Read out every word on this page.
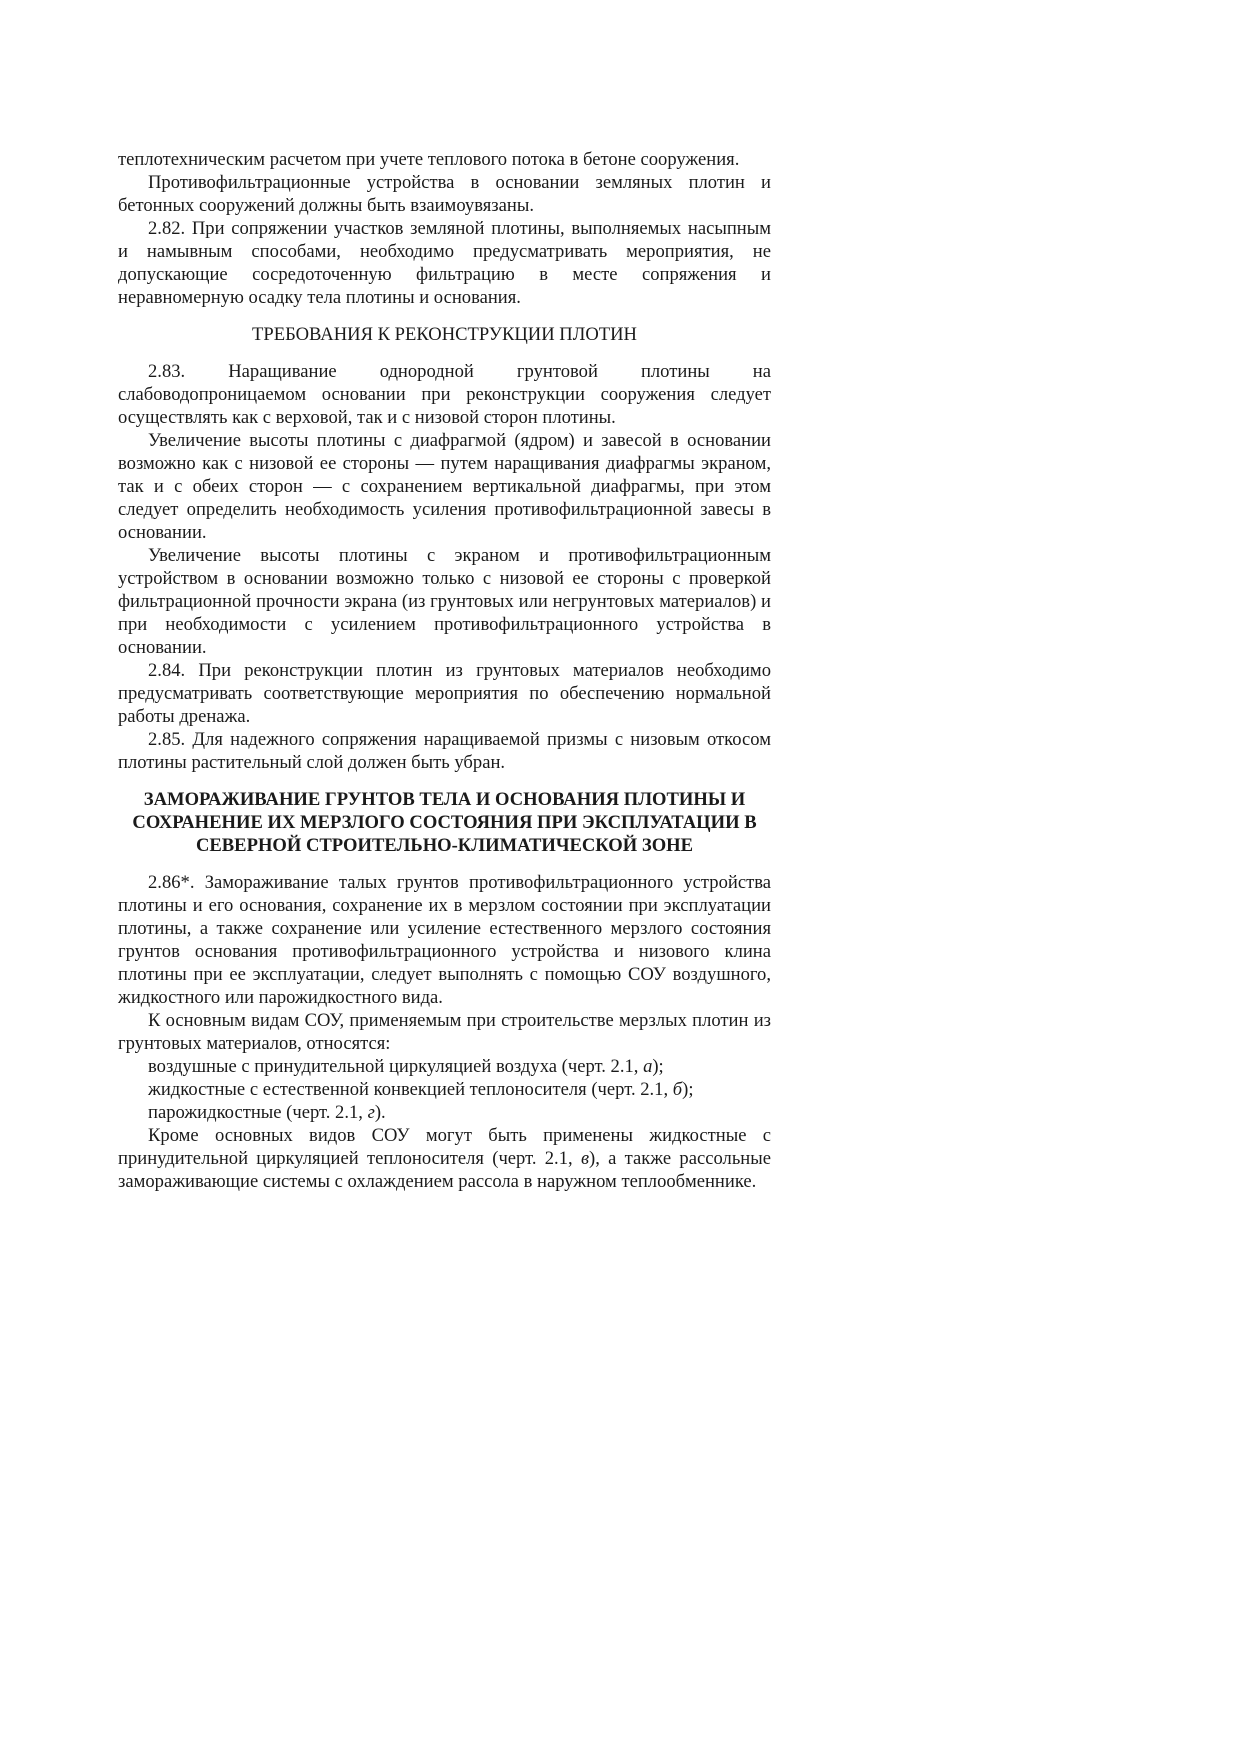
теплотехническим расчетом при учете теплового потока в бетоне сооружения.

Противофильтрационные устройства в основании земляных плотин и бетонных сооружений должны быть взаимоувязаны.

2.82. При сопряжении участков земляной плотины, выполняемых насыпным и намывным способами, необходимо предусматривать мероприятия, не допускающие сосредоточенную фильтрацию в месте сопряжения и неравномерную осадку тела плотины и основания.

ТРЕБОВАНИЯ К РЕКОНСТРУКЦИИ ПЛОТИН

2.83. Наращивание однородной грунтовой плотины на слабоводопроницаемом основании при реконструкции сооружения следует осуществлять как с верховой, так и с низовой сторон плотины.

Увеличение высоты плотины с диафрагмой (ядром) и завесой в основании возможно как с низовой ее стороны — путем наращивания диафрагмы экраном, так и с обеих сторон — с сохранением вертикальной диафрагмы, при этом следует определить необходимость усиления противофильтрационной завесы в основании.

Увеличение высоты плотины с экраном и противофильтрационным устройством в основании возможно только с низовой ее стороны с проверкой фильтрационной прочности экрана (из грунтовых или негрунтовых материалов) и при необходимости с усилением противофильтрационного устройства в основании.

2.84. При реконструкции плотин из грунтовых материалов необходимо предусматривать соответствующие мероприятия по обеспечению нормальной работы дренажа.

2.85. Для надежного сопряжения наращиваемой призмы с низовым откосом плотины растительный слой должен быть убран.

ЗАМОРАЖИВАНИЕ ГРУНТОВ ТЕЛА И ОСНОВАНИЯ ПЛОТИНЫ И СОХРАНЕНИЕ ИХ МЕРЗЛОГО СОСТОЯНИЯ ПРИ ЭКСПЛУАТАЦИИ В СЕВЕРНОЙ СТРОИТЕЛЬНО-КЛИМАТИЧЕСКОЙ ЗОНЕ

2.86*. Замораживание талых грунтов противофильтрационного устройства плотины и его основания, сохранение их в мерзлом состоянии при эксплуатации плотины, а также сохранение или усиление естественного мерзлого состояния грунтов основания противофильтрационного устройства и низового клина плотины при ее эксплуатации, следует выполнять с помощью СОУ воздушного, жидкостного или парожидкостного вида.

К основным видам СОУ, применяемым при строительстве мерзлых плотин из грунтовых материалов, относятся:

воздушные с принудительной циркуляцией воздуха (черт. 2.1, а);

жидкостные с естественной конвекцией теплоносителя (черт. 2.1, б);

парожидкостные (черт. 2.1, г).

Кроме основных видов СОУ могут быть применены жидкостные с принудительной циркуляцией теплоносителя (черт. 2.1, в), а также рассольные замораживающие системы с охлаждением рассола в наружном теплообменнике.
